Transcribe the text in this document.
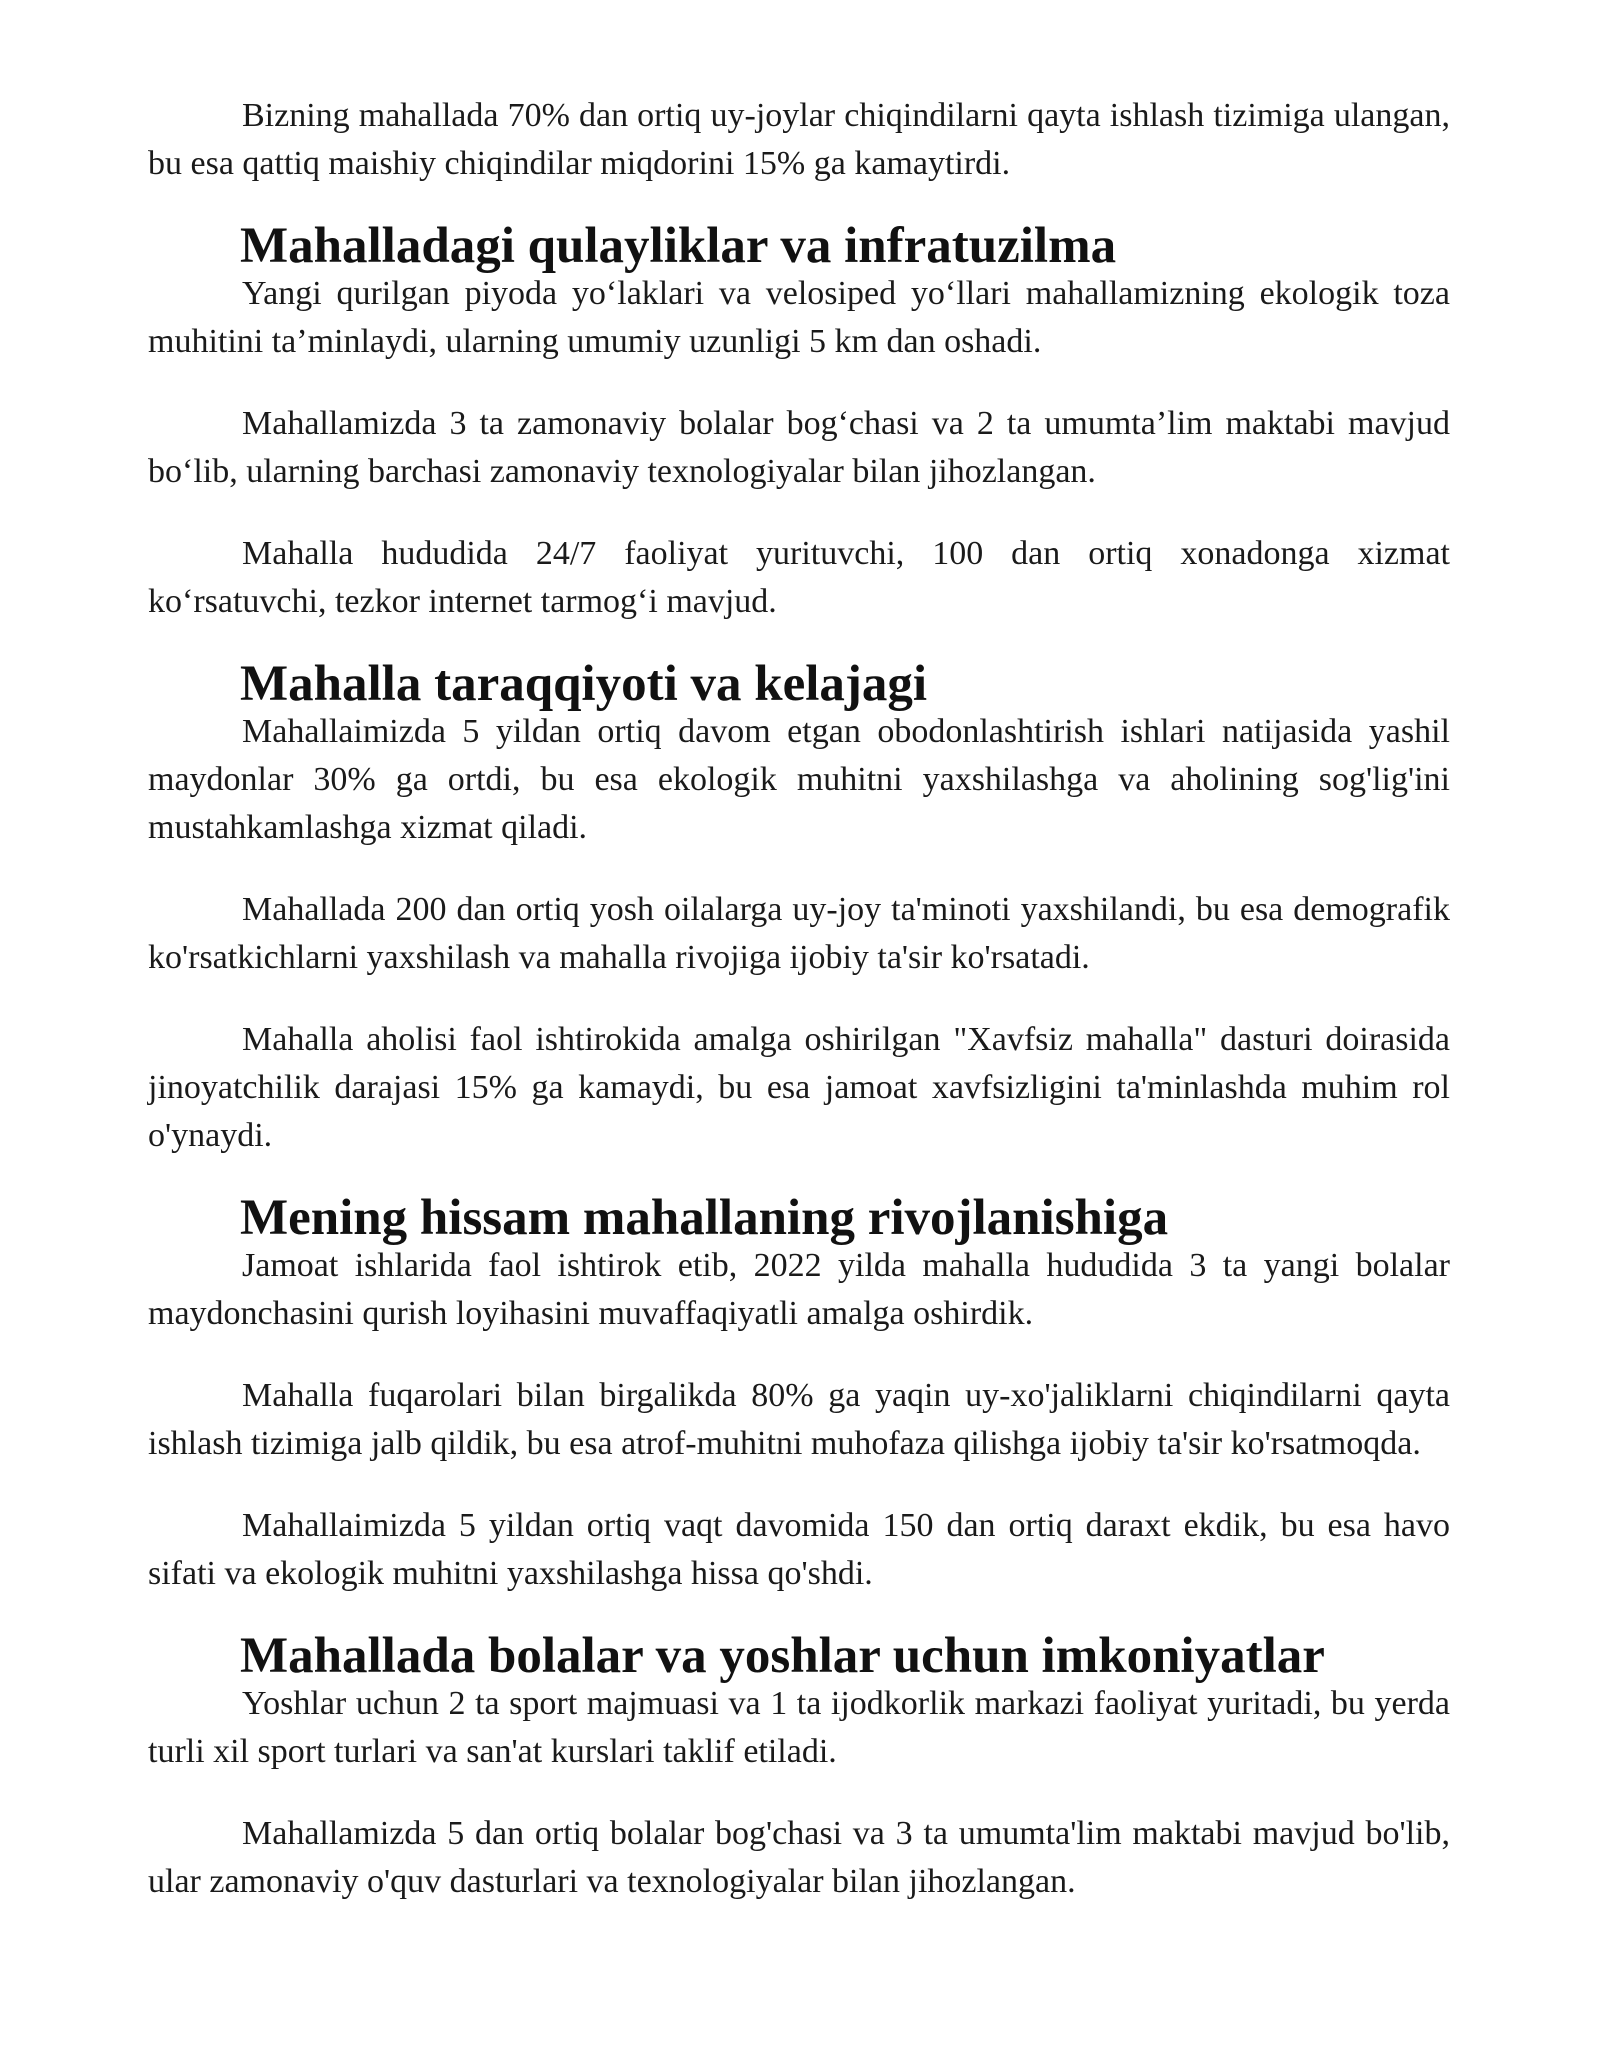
Bizning mahallada 70% dan ortiq uy-joylar chiqindilarni qayta ishlash tizimiga ulangan, bu esa qattiq maishiy chiqindilar miqdorini 15% ga kamaytirdi.

Mahalladagi qulayliklar va infratuzilma

Yangi qurilgan piyoda yo‘laklari va velosiped yo‘llari mahallamizning ekologik toza muhitini ta’minlaydi, ularning umumiy uzunligi 5 km dan oshadi.

Mahallamizda 3 ta zamonaviy bolalar bog‘chasi va 2 ta umumta’lim maktabi mavjud bo‘lib, ularning barchasi zamonaviy texnologiyalar bilan jihozlangan.

Mahalla hududida 24/7 faoliyat yurituvchi, 100 dan ortiq xonadonga xizmat ko‘rsatuvchi, tezkor internet tarmog‘i mavjud.

Mahalla taraqqiyoti va kelajagi

Mahallaimizda 5 yildan ortiq davom etgan obodonlashtirish ishlari natijasida yashil maydonlar 30% ga ortdi, bu esa ekologik muhitni yaxshilashga va aholining sog'lig'ini mustahkamlashga xizmat qiladi.

Mahallada 200 dan ortiq yosh oilalarga uy-joy ta'minoti yaxshilandi, bu esa demografik ko'rsatkichlarni yaxshilash va mahalla rivojiga ijobiy ta'sir ko'rsatadi.

Mahalla aholisi faol ishtirokida amalga oshirilgan "Xavfsiz mahalla" dasturi doirasida jinoyatchilik darajasi 15% ga kamaydi, bu esa jamoat xavfsizligini ta'minlashda muhim rol o'ynaydi.

Mening hissam mahallaning rivojlanishiga

Jamoat ishlarida faol ishtirok etib, 2022 yilda mahalla hududida 3 ta yangi bolalar maydonchasini qurish loyihasini muvaffaqiyatli amalga oshirdik.

Mahalla fuqarolari bilan birgalikda 80% ga yaqin uy-xo'jaliklarni chiqindilarni qayta ishlash tizimiga jalb qildik, bu esa atrof-muhitni muhofaza qilishga ijobiy ta'sir ko'rsatmoqda.

Mahallaimizda 5 yildan ortiq vaqt davomida 150 dan ortiq daraxt ekdik, bu esa havo sifati va ekologik muhitni yaxshilashga hissa qo'shdi.

Mahallada bolalar va yoshlar uchun imkoniyatlar

Yoshlar uchun 2 ta sport majmuasi va 1 ta ijodkorlik markazi faoliyat yuritadi, bu yerda turli xil sport turlari va san'at kurslari taklif etiladi.

Mahallamizda 5 dan ortiq bolalar bog'chasi va 3 ta umumta'lim maktabi mavjud bo'lib, ular zamonaviy o'quv dasturlari va texnologiyalar bilan jihozlangan.
